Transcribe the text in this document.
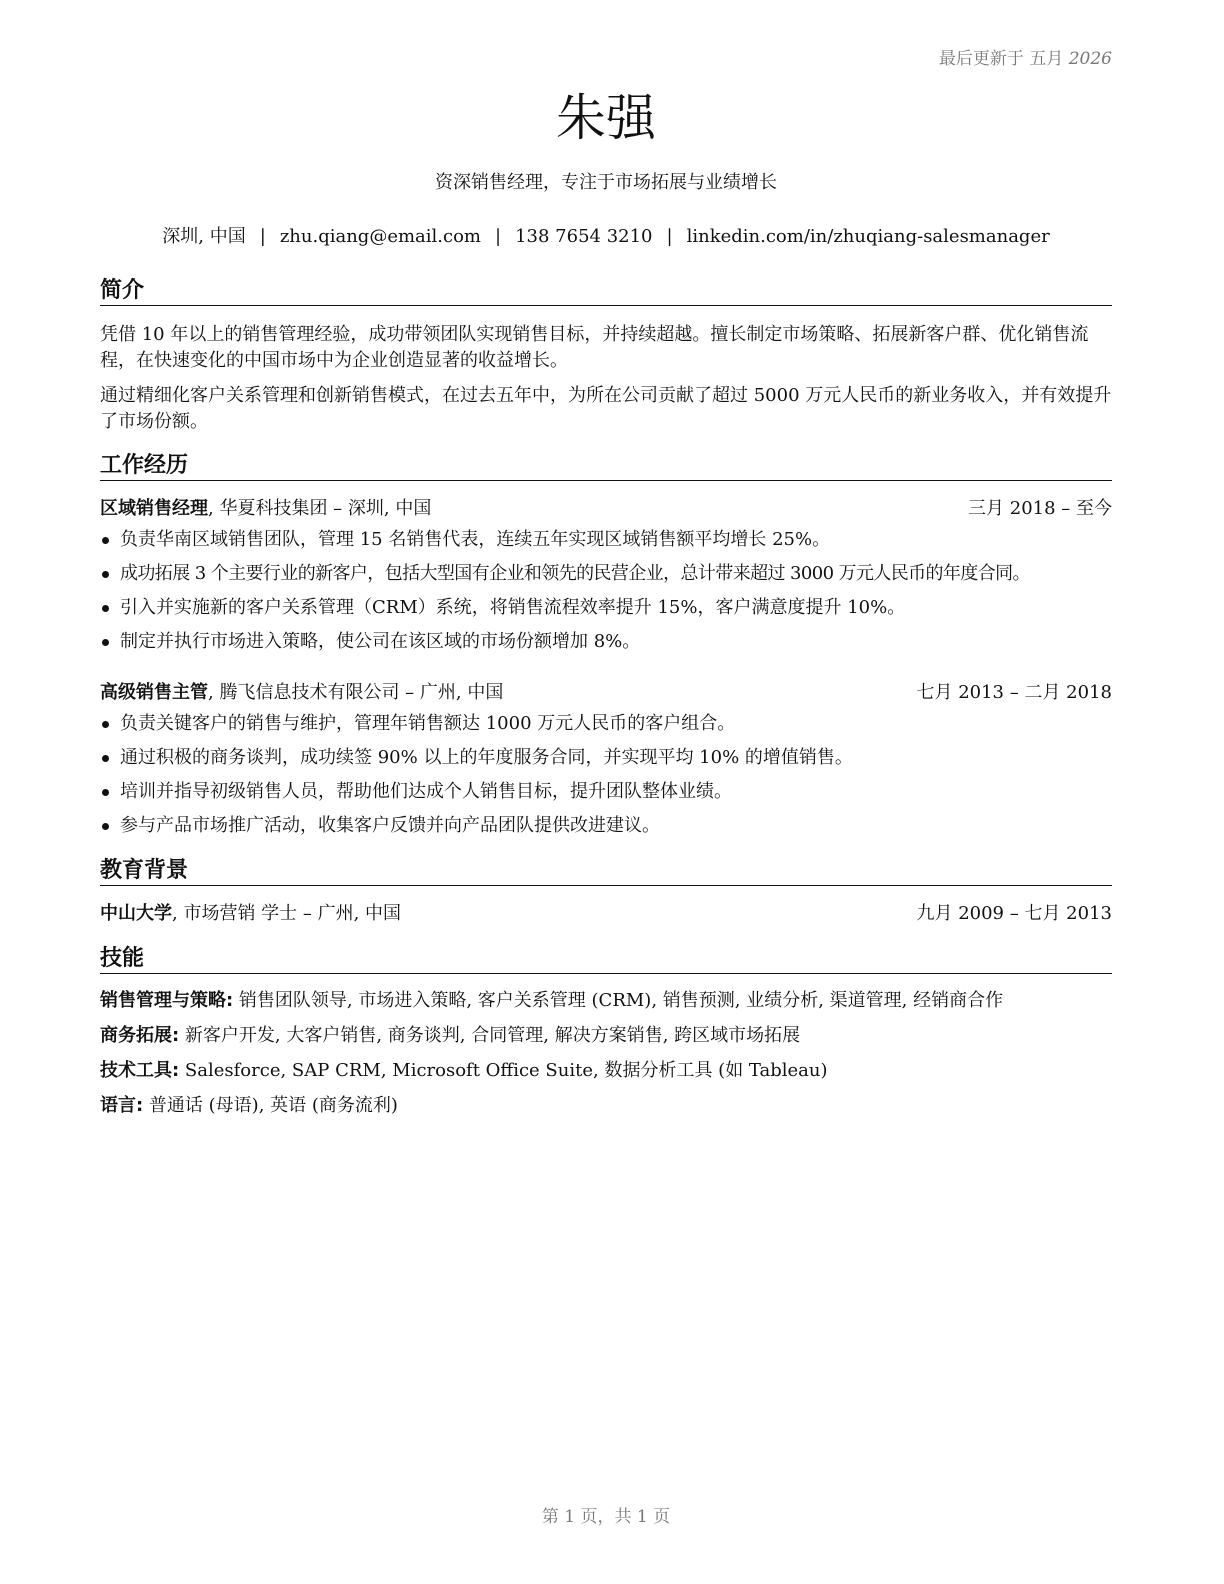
最后更新于 五月 2026
朱强
资深销售经理，专注于市场拓展与业绩增长
深圳, 中国 | zhu.qiang@email.com | 138 7654 3210 | linkedin.com/in/zhuqiang-salesmanager
简介

凭借 10 年以上的销售管理经验，成功带领团队实现销售目标，并持续超越。擅长制定市场策略、拓展新客户群、优化销售流程，在快速变化的中国市场中为企业创造显著的收益增长。

通过精细化客户关系管理和创新销售模式，在过去五年中，为所在公司贡献了超过 5000 万元人民币的新业务收入，并有效提升了市场份额。

工作经历
区域销售经理, 华夏科技集团 – 深圳, 中国	三月 2018 – 至今
负责华南区域销售团队，管理 15 名销售代表，连续五年实现区域销售额平均增长 25%。
成功拓展 3 个主要行业的新客户，包括大型国有企业和领先的民营企业，总计带来超过 3000 万元人民币的年度合同。
引入并实施新的客户关系管理（CRM）系统，将销售流程效率提升 15%，客户满意度提升 10%。
制定并执行市场进入策略，使公司在该区域的市场份额增加 8%。
高级销售主管, 腾飞信息技术有限公司 – 广州, 中国	七月 2013 – 二月 2018
负责关键客户的销售与维护，管理年销售额达 1000 万元人民币的客户组合。
通过积极的商务谈判，成功续签 90% 以上的年度服务合同，并实现平均 10% 的增值销售。
培训并指导初级销售人员，帮助他们达成个人销售目标，提升团队整体业绩。
参与产品市场推广活动，收集客户反馈并向产品团队提供改进建议。
教育背景
中山大学, 市场营销 学士 – 广州, 中国	九月 2009 – 七月 2013
技能
销售管理与策略: 销售团队领导, 市场进入策略, 客户关系管理 (CRM), 销售预测, 业绩分析, 渠道管理, 经销商合作
商务拓展: 新客户开发, 大客户销售, 商务谈判, 合同管理, 解决方案销售, 跨区域市场拓展
技术工具: Salesforce, SAP CRM, Microsoft Office Suite, 数据分析工具 (如 Tableau)
语言: 普通话 (母语), 英语 (商务流利)
第 1 页，共 1 页
